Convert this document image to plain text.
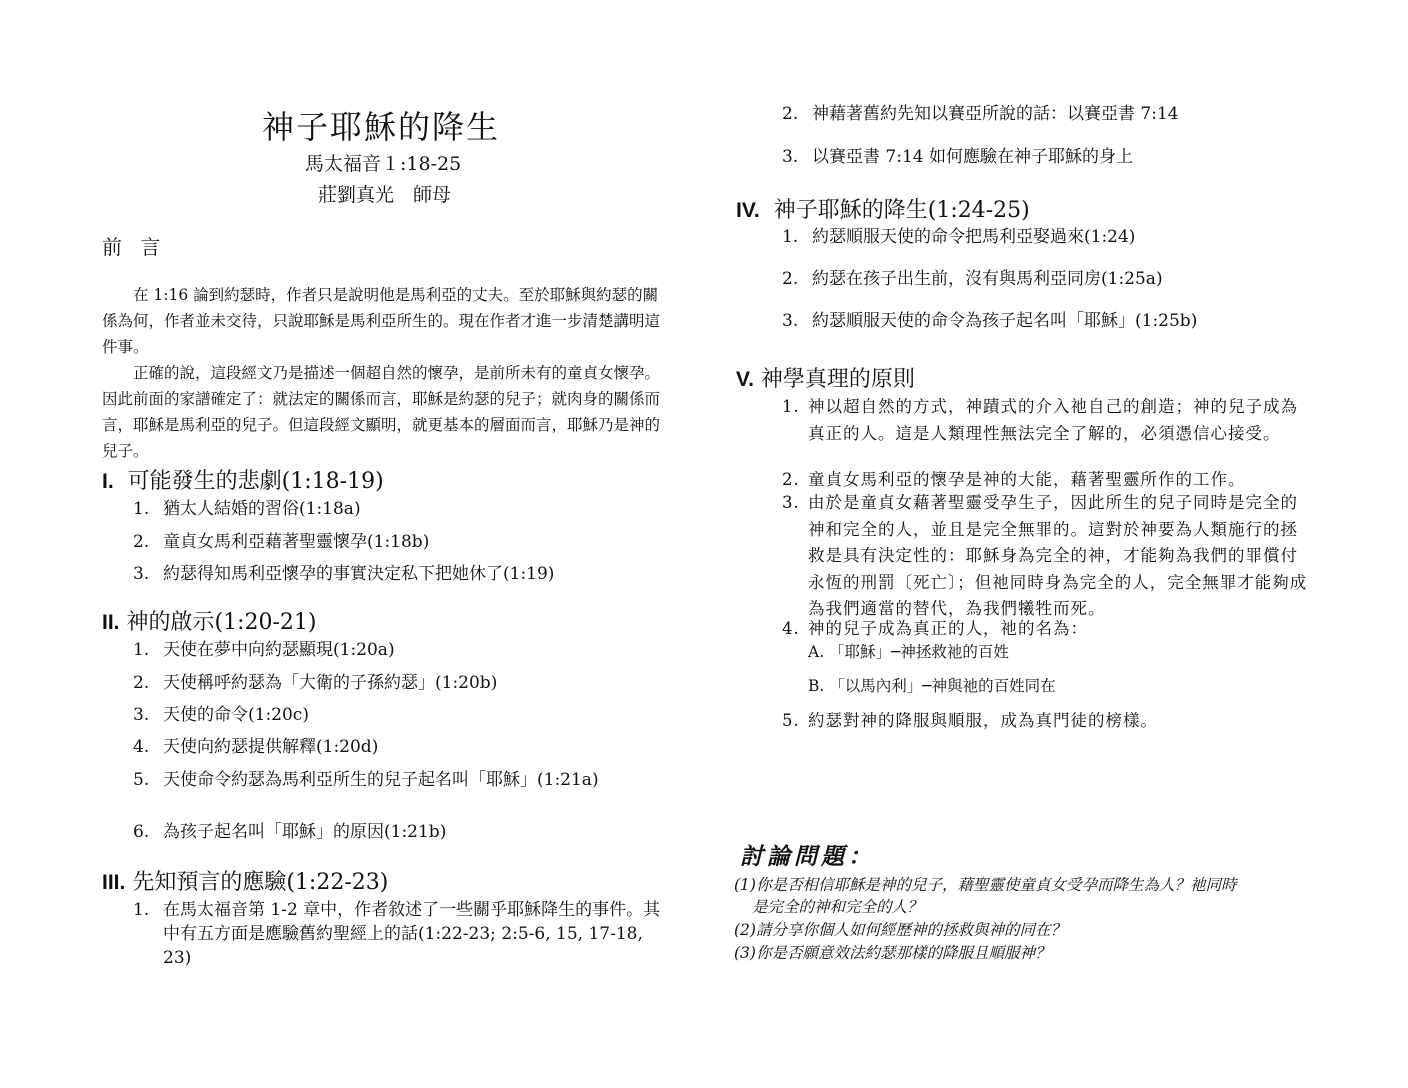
神子耶穌的降生
馬太福音１:18-25
莊劉真光　師母
前 言

在 1:16 論到約瑟時，作者只是說明他是馬利亞的丈夫。至於耶穌與約瑟的關係為何，作者並未交待，只說耶穌是馬利亞所生的。現在作者才進一步清楚講明這件事。

正確的說，這段經文乃是描述一個超自然的懷孕，是前所未有的童貞女懷孕。因此前面的家譜確定了：就法定的關係而言，耶穌是約瑟的兒子；就肉身的關係而言，耶穌是馬利亞的兒子。但這段經文顯明，就更基本的層面而言，耶穌乃是神的兒子。

I. 可能發生的悲劇(1:18-19)
1. 猶太人結婚的習俗(1:18a)
2. 童貞女馬利亞藉著聖靈懷孕(1:18b)
3. 約瑟得知馬利亞懷孕的事實決定私下把她休了(1:19)
II. 神的啟示(1:20-21)
1. 天使在夢中向約瑟顯現(1:20a)
2. 天使稱呼約瑟為「大衛的子孫約瑟」(1:20b)
3. 天使的命令(1:20c)
4. 天使向約瑟提供解釋(1:20d)
5. 天使命令約瑟為馬利亞所生的兒子起名叫「耶穌」(1:21a)
6. 為孩子起名叫「耶穌」的原因(1:21b)
III. 先知預言的應驗(1:22-23)
1. 在馬太福音第 1-2 章中，作者敘述了一些關乎耶穌降生的事件。其中有五方面是應驗舊約聖經上的話(1:22-23; 2:5-6, 15, 17-18, 23)
2. 神藉著舊約先知以賽亞所說的話：以賽亞書 7:14
3. 以賽亞書 7:14 如何應驗在神子耶穌的身上
IV. 神子耶穌的降生(1:24-25)
1. 約瑟順服天使的命令把馬利亞娶過來(1:24)
2. 約瑟在孩子出生前，沒有與馬利亞同房(1:25a)
3. 約瑟順服天使的命令為孩子起名叫「耶穌」(1:25b)
V. 神學真理的原則
1. 神以超自然的方式，神蹟式的介入祂自己的創造；神的兒子成為真正的人。這是人類理性無法完全了解的，必須憑信心接受。
2. 童貞女馬利亞的懷孕是神的大能，藉著聖靈所作的工作。
3. 由於是童貞女藉著聖靈受孕生子，因此所生的兒子同時是完全的神和完全的人，並且是完全無罪的。這對於神要為人類施行的拯救是具有決定性的：耶穌身為完全的神，才能夠為我們的罪償付永恆的刑罰〔死亡〕；但祂同時身為完全的人，完全無罪才能夠成為我們適當的替代，為我們犧牲而死。
4. 神的兒子成為真正的人，祂的名為：
A. 「耶穌」─神拯救祂的百姓
B. 「以馬內利」─神與祂的百姓同在
5. 約瑟對神的降服與順服，成為真門徒的榜樣。
討論問題：
(1)你是否相信耶穌是神的兒子，藉聖靈使童貞女受孕而降生為人？祂同時
是完全的神和完全的人？
(2)請分享你個人如何經歷神的拯救與神的同在？
(3)你是否願意效法約瑟那樣的降服且順服神？
